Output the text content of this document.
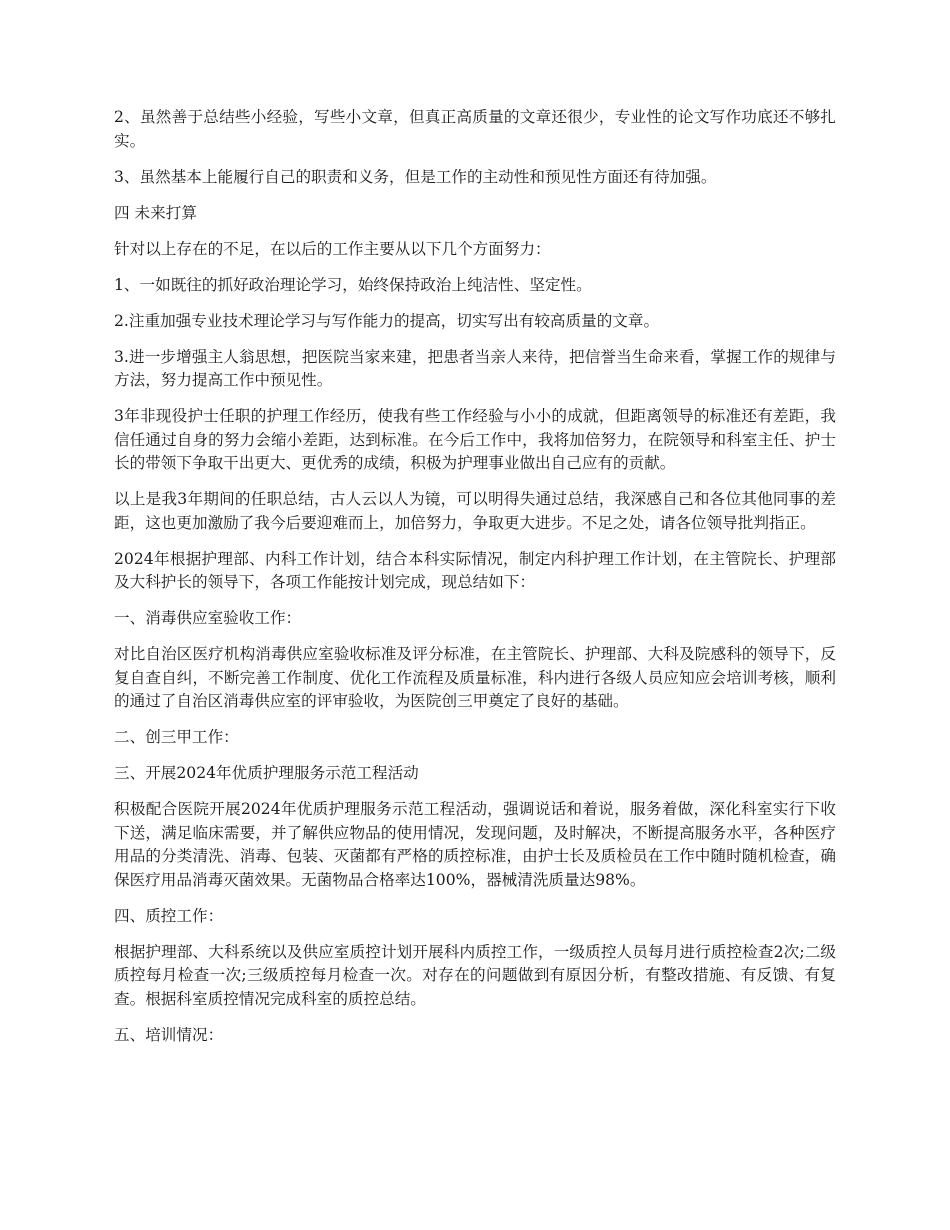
2、虽然善于总结些小经验，写些小文章，但真正高质量的文章还很少，专业性的论文写作功底还不够扎实。

3、虽然基本上能履行自己的职责和义务，但是工作的主动性和预见性方面还有待加强。

四 未来打算

针对以上存在的不足，在以后的工作主要从以下几个方面努力：

1、一如既往的抓好政治理论学习，始终保持政治上纯洁性、坚定性。

2.注重加强专业技术理论学习与写作能力的提高，切实写出有较高质量的文章。

3.进一步增强主人翁思想，把医院当家来建，把患者当亲人来待，把信誉当生命来看，掌握工作的规律与方法，努力提高工作中预见性。

3年非现役护士任职的护理工作经历，使我有些工作经验与小小的成就，但距离领导的标准还有差距，我信任通过自身的努力会缩小差距，达到标准。在今后工作中，我将加倍努力，在院领导和科室主任、护士长的带领下争取干出更大、更优秀的成绩，积极为护理事业做出自己应有的贡献。

以上是我3年期间的任职总结，古人云以人为镜，可以明得失通过总结，我深感自己和各位其他同事的差距，这也更加激励了我今后要迎难而上，加倍努力，争取更大进步。不足之处，请各位领导批判指正。

2024年根据护理部、内科工作计划，结合本科实际情况，制定内科护理工作计划，在主管院长、护理部及大科护长的领导下，各项工作能按计划完成，现总结如下：

一、消毒供应室验收工作：

对比自治区医疗机构消毒供应室验收标准及评分标准，在主管院长、护理部、大科及院感科的领导下，反复自查自纠，不断完善工作制度、优化工作流程及质量标准，科内进行各级人员应知应会培训考核，顺利的通过了自治区消毒供应室的评审验收，为医院创三甲奠定了良好的基础。

二、创三甲工作：

三、开展2024年优质护理服务示范工程活动

积极配合医院开展2024年优质护理服务示范工程活动，强调说话和着说，服务着做，深化科室实行下收下送，满足临床需要，并了解供应物品的使用情况，发现问题，及时解决，不断提高服务水平，各种医疗用品的分类清洗、消毒、包装、灭菌都有严格的质控标准，由护士长及质检员在工作中随时随机检查，确保医疗用品消毒灭菌效果。无菌物品合格率达100%，器械清洗质量达98%。

四、质控工作：

根据护理部、大科系统以及供应室质控计划开展科内质控工作，一级质控人员每月进行质控检查2次;二级质控每月检查一次;三级质控每月检查一次。对存在的问题做到有原因分析，有整改措施、有反馈、有复查。根据科室质控情况完成科室的质控总结。

五、培训情况：
